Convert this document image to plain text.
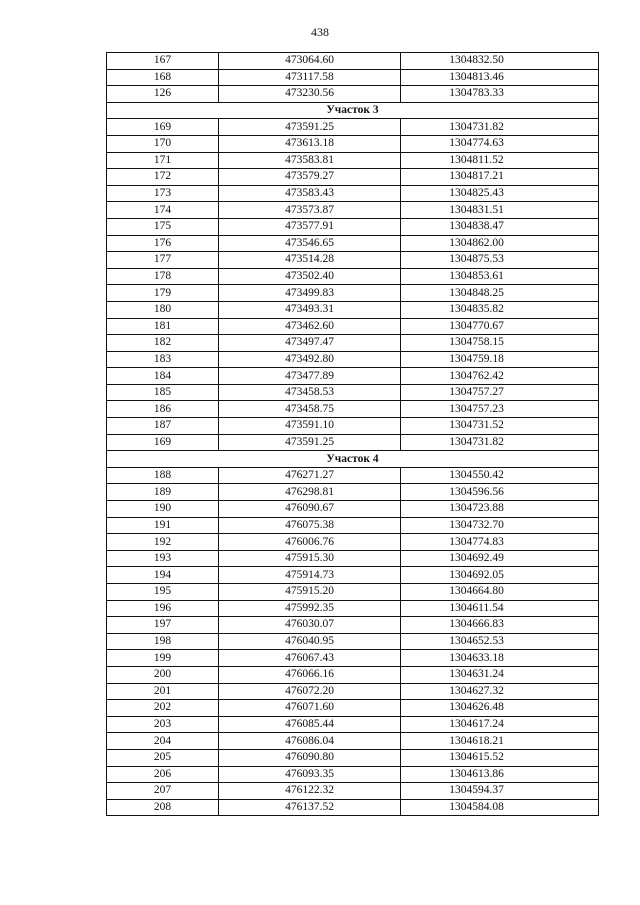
438
167	473064.60	1304832.50
168	473117.58	1304813.46
126	473230.56	1304783.33
Участок 3		
169	473591.25	1304731.82
170	473613.18	1304774.63
171	473583.81	1304811.52
172	473579.27	1304817.21
173	473583.43	1304825.43
174	473573.87	1304831.51
175	473577.91	1304838.47
176	473546.65	1304862.00
177	473514.28	1304875.53
178	473502.40	1304853.61
179	473499.83	1304848.25
180	473493.31	1304835.82
181	473462.60	1304770.67
182	473497.47	1304758.15
183	473492.80	1304759.18
184	473477.89	1304762.42
185	473458.53	1304757.27
186	473458.75	1304757.23
187	473591.10	1304731.52
169	473591.25	1304731.82
Участок 4		
188	476271.27	1304550.42
189	476298.81	1304596.56
190	476090.67	1304723.88
191	476075.38	1304732.70
192	476006.76	1304774.83
193	475915.30	1304692.49
194	475914.73	1304692.05
195	475915.20	1304664.80
196	475992.35	1304611.54
197	476030.07	1304666.83
198	476040.95	1304652.53
199	476067.43	1304633.18
200	476066.16	1304631.24
201	476072.20	1304627.32
202	476071.60	1304626.48
203	476085.44	1304617.24
204	476086.04	1304618.21
205	476090.80	1304615.52
206	476093.35	1304613.86
207	476122.32	1304594.37
208	476137.52	1304584.08
